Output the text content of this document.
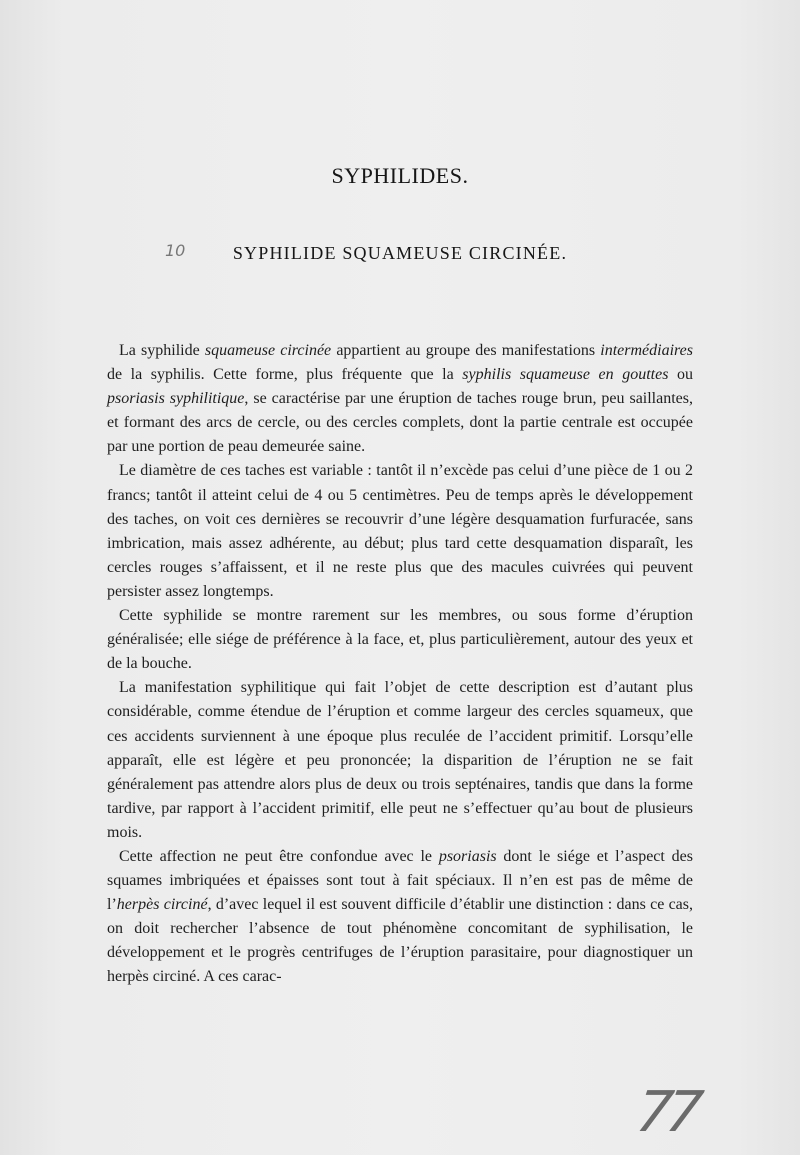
SYPHILIDES.
10	SYPHILIDE SQUAMEUSE CIRCINÉE.

La syphilide squameuse circinée appartient au groupe des manifestations intermédiaires de la syphilis. Cette forme, plus fréquente que la syphilis squameuse en gouttes ou psoriasis syphilitique, se caractérise par une éruption de taches rouge brun, peu saillantes, et formant des arcs de cercle, ou des cercles complets, dont la partie centrale est occupée par une portion de peau demeurée saine.

Le diamètre de ces taches est variable : tantôt il n’excède pas celui d’une pièce de 1 ou 2 francs; tantôt il atteint celui de 4 ou 5 centimètres. Peu de temps après le développement des taches, on voit ces dernières se recouvrir d’une légère desquamation furfuracée, sans imbrication, mais assez adhérente, au début; plus tard cette desquamation disparaît, les cercles rouges s’affaissent, et il ne reste plus que des macules cuivrées qui peuvent persister assez longtemps.

Cette syphilide se montre rarement sur les membres, ou sous forme d’éruption généralisée; elle siége de préférence à la face, et, plus particulièrement, autour des yeux et de la bouche.

La manifestation syphilitique qui fait l’objet de cette description est d’autant plus considérable, comme étendue de l’éruption et comme largeur des cercles squameux, que ces accidents surviennent à une époque plus reculée de l’accident primitif. Lorsqu’elle apparaît, elle est légère et peu prononcée; la disparition de l’éruption ne se fait généralement pas attendre alors plus de deux ou trois septénaires, tandis que dans la forme tardive, par rapport à l’accident primitif, elle peut ne s’effectuer qu’au bout de plusieurs mois.

Cette affection ne peut être confondue avec le psoriasis dont le siége et l’aspect des squames imbriquées et épaisses sont tout à fait spéciaux. Il n’en est pas de même de l’herpès circiné, d’avec lequel il est souvent difficile d’établir une distinction : dans ce cas, on doit rechercher l’absence de tout phénomène concomitant de syphilisation, le développement et le progrès centrifuges de l’éruption parasitaire, pour diagnostiquer un herpès circiné. A ces carac-

77
